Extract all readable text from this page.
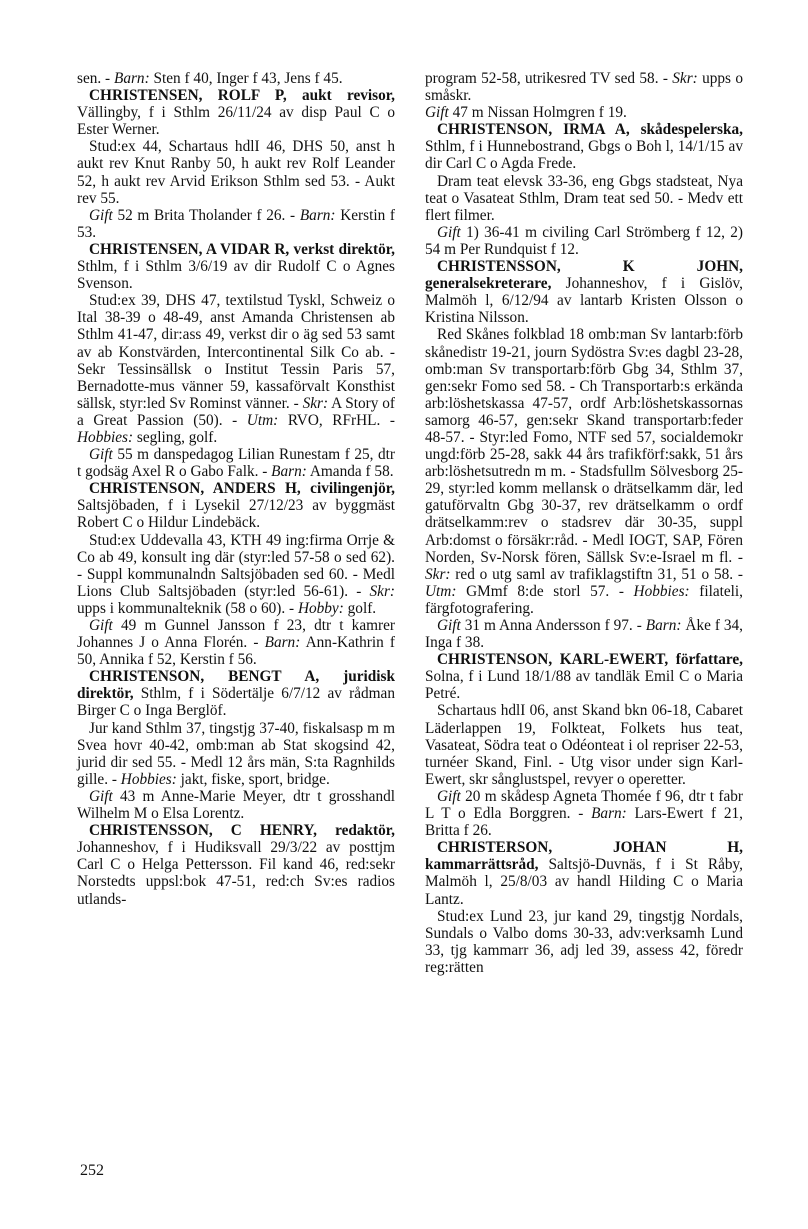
sen. - Barn: Sten f 40, Inger f 43, Jens f 45.

CHRISTENSEN, ROLF P, aukt revisor, Vällingby, f i Sthlm 26/11/24 av disp Paul C o Ester Werner.

Stud:ex 44, Schartaus hdlI 46, DHS 50, anst h aukt rev Knut Ranby 50, h aukt rev Rolf Leander 52, h aukt rev Arvid Erikson Sthlm sed 53. - Aukt rev 55.

Gift 52 m Brita Tholander f 26. - Barn: Kerstin f 53.

CHRISTENSEN, A VIDAR R, verkst direktör, Sthlm, f i Sthlm 3/6/19 av dir Rudolf C o Agnes Svenson.

Stud:ex 39, DHS 47, textilstud Tyskl, Schweiz o Ital 38-39 o 48-49, anst Amanda Christensen ab Sthlm 41-47, dir:ass 49, verkst dir o äg sed 53 samt av ab Konstvärden, Intercontinental Silk Co ab. - Sekr Tessinsällsk o Institut Tessin Paris 57, Bernadotte-mus vänner 59, kassaförvalt Konsthist sällsk, styr:led Sv Rominst vänner. - Skr: A Story of a Great Passion (50). - Utm: RVO, RFrHL. - Hobbies: segling, golf.

Gift 55 m danspedagog Lilian Runestam f 25, dtr t godsäg Axel R o Gabo Falk. - Barn: Amanda f 58.

CHRISTENSON, ANDERS H, civilingenjör, Saltsjöbaden, f i Lysekil 27/12/23 av byggmäst Robert C o Hildur Lindebäck.

Stud:ex Uddevalla 43, KTH 49 ing:firma Orrje & Co ab 49, konsult ing där (styr:led 57-58 o sed 62). - Suppl kommunalndn Saltsjöbaden sed 60. - Medl Lions Club Saltsjöbaden (styr:led 56-61). - Skr: upps i kommunalteknik (58 o 60). - Hobby: golf.

Gift 49 m Gunnel Jansson f 23, dtr t kamrer Johannes J o Anna Florén. - Barn: Ann-Kathrin f 50, Annika f 52, Kerstin f 56.

CHRISTENSON, BENGT A, juridisk direktör, Sthlm, f i Södertälje 6/7/12 av rådman Birger C o Inga Berglöf.

Jur kand Sthlm 37, tingstjg 37-40, fiskalsasp m m Svea hovr 40-42, omb:man ab Stat skogsind 42, jurid dir sed 55. - Medl 12 års män, S:ta Ragnhilds gille. - Hobbies: jakt, fiske, sport, bridge.

Gift 43 m Anne-Marie Meyer, dtr t grosshandl Wilhelm M o Elsa Lorentz.

CHRISTENSSON, C HENRY, redaktör, Johanneshov, f i Hudiksvall 29/3/22 av posttjm Carl C o Helga Pettersson. Fil kand 46, red:sekr Norstedts uppsl:bok 47-51, red:ch Sv:es radios utlands-

program 52-58, utrikesred TV sed 58. - Skr: upps o småskr.

Gift 47 m Nissan Holmgren f 19.

CHRISTENSON, IRMA A, skådespelerska, Sthlm, f i Hunnebostrand, Gbgs o Boh l, 14/1/15 av dir Carl C o Agda Frede.

Dram teat elevsk 33-36, eng Gbgs stadsteat, Nya teat o Vasateat Sthlm, Dram teat sed 50. - Medv ett flert filmer.

Gift 1) 36-41 m civiling Carl Strömberg f 12, 2) 54 m Per Rundquist f 12.

CHRISTENSSON, K JOHN, generalsekreterare, Johanneshov, f i Gislöv, Malmöh l, 6/12/94 av lantarb Kristen Olsson o Kristina Nilsson.

Red Skånes folkblad 18 omb:man Sv lantarb:förb skånedistr 19-21, journ Sydöstra Sv:es dagbl 23-28, omb:man Sv transportarb:förb Gbg 34, Sthlm 37, gen:sekr Fomo sed 58. - Ch Transportarb:s erkända arb:löshetskassa 47-57, ordf Arb:löshetskassornas samorg 46-57, gen:sekr Skand transportarb:feder 48-57. - Styr:led Fomo, NTF sed 57, socialdemokr ungd:förb 25-28, sakk 44 års trafikförf:sakk, 51 års arb:löshetsutredn m m. - Stadsfullm Sölvesborg 25-29, styr:led komm mellansk o drätselkamm där, led gatuförvaltn Gbg 30-37, rev drätselkamm o ordf drätselkamm:rev o stadsrev där 30-35, suppl Arb:domst o försäkr:råd. - Medl IOGT, SAP, Fören Norden, Sv-Norsk fören, Sällsk Sv:e-Israel m fl. - Skr: red o utg saml av trafiklagstiftn 31, 51 o 58. - Utm: GMmf 8:de storl 57. - Hobbies: filateli, färgfotografering.

Gift 31 m Anna Andersson f 97. - Barn: Åke f 34, Inga f 38.

CHRISTENSON, KARL-EWERT, författare, Solna, f i Lund 18/1/88 av tandläk Emil C o Maria Petré.

Schartaus hdlI 06, anst Skand bkn 06-18, Cabaret Läderlappen 19, Folkteat, Folkets hus teat, Vasateat, Södra teat o Odéonteat i ol repriser 22-53, turnéer Skand, Finl. - Utg visor under sign Karl-Ewert, skr sånglustspel, revyer o operetter.

Gift 20 m skådesp Agneta Thomée f 96, dtr t fabr L T o Edla Borggren. - Barn: Lars-Ewert f 21, Britta f 26.

CHRISTERSON, JOHAN H, kammarrättsråd, Saltsjö-Duvnäs, f i St Råby, Malmöh l, 25/8/03 av handl Hilding C o Maria Lantz.

Stud:ex Lund 23, jur kand 29, tingstjg Nordals, Sundals o Valbo doms 30-33, adv:verksamh Lund 33, tjg kammarr 36, adj led 39, assess 42, föredr reg:rätten

252
